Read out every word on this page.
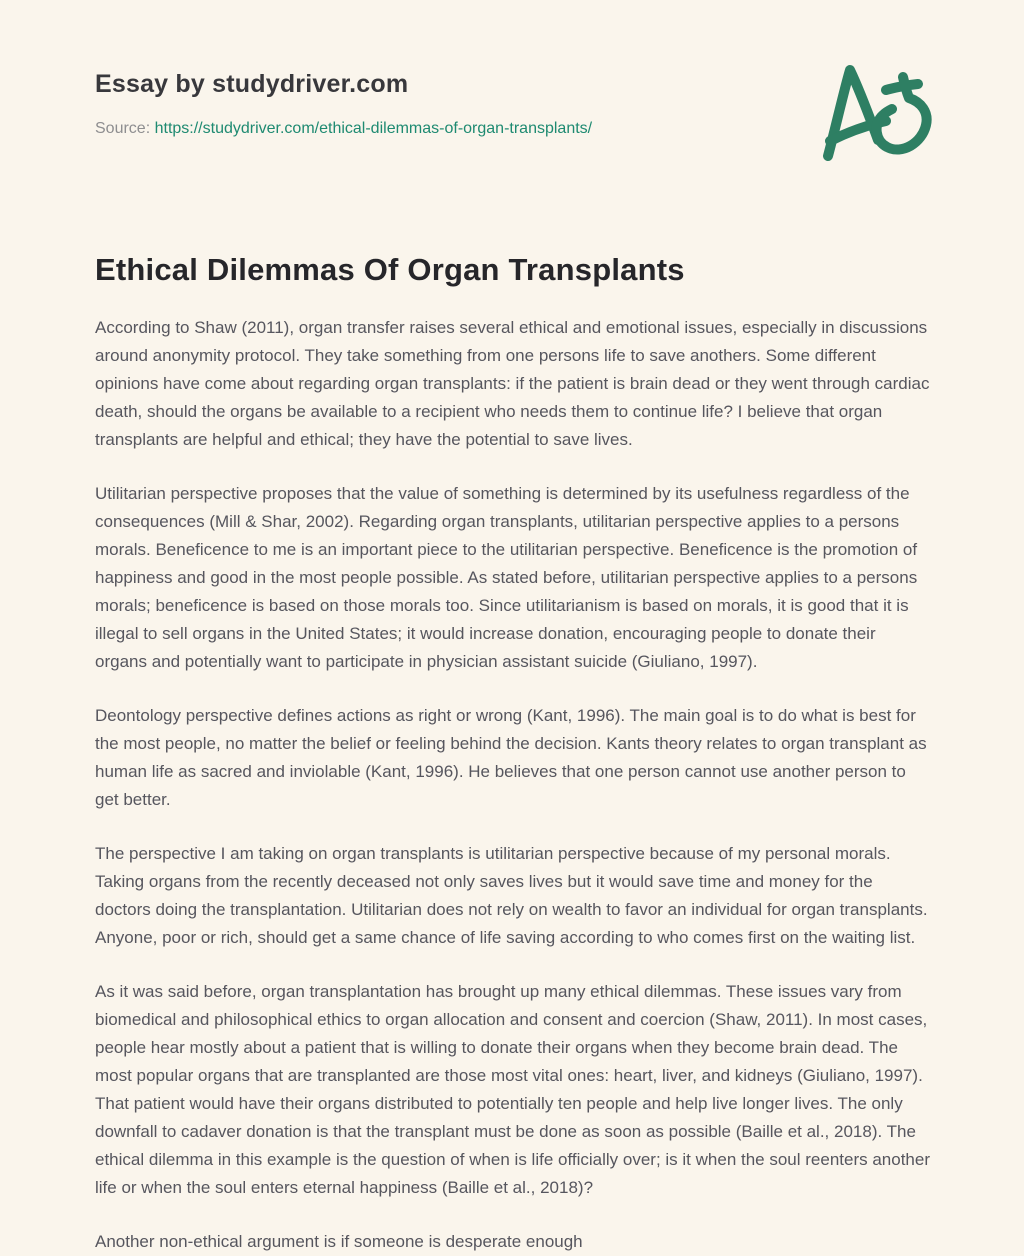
Essay by studydriver.com

Source: https://studydriver.com/ethical-dilemmas-of-organ-transplants/

Ethical Dilemmas Of Organ Transplants

According to Shaw (2011), organ transfer raises several ethical and emotional issues, especially in discussions around anonymity protocol. They take something from one persons life to save anothers. Some different opinions have come about regarding organ transplants: if the patient is brain dead or they went through cardiac death, should the organs be available to a recipient who needs them to continue life? I believe that organ transplants are helpful and ethical; they have the potential to save lives.

Utilitarian perspective proposes that the value of something is determined by its usefulness regardless of the consequences (Mill & Shar, 2002). Regarding organ transplants, utilitarian perspective applies to a persons morals. Beneficence to me is an important piece to the utilitarian perspective. Beneficence is the promotion of happiness and good in the most people possible. As stated before, utilitarian perspective applies to a persons morals; beneficence is based on those morals too. Since utilitarianism is based on morals, it is good that it is illegal to sell organs in the United States; it would increase donation, encouraging people to donate their organs and potentially want to participate in physician assistant suicide (Giuliano, 1997).

Deontology perspective defines actions as right or wrong (Kant, 1996). The main goal is to do what is best for the most people, no matter the belief or feeling behind the decision. Kants theory relates to organ transplant as human life as sacred and inviolable (Kant, 1996). He believes that one person cannot use another person to get better.

The perspective I am taking on organ transplants is utilitarian perspective because of my personal morals. Taking organs from the recently deceased not only saves lives but it would save time and money for the doctors doing the transplantation. Utilitarian does not rely on wealth to favor an individual for organ transplants. Anyone, poor or rich, should get a same chance of life saving according to who comes first on the waiting list.

As it was said before, organ transplantation has brought up many ethical dilemmas. These issues vary from biomedical and philosophical ethics to organ allocation and consent and coercion (Shaw, 2011). In most cases, people hear mostly about a patient that is willing to donate their organs when they become brain dead. The most popular organs that are transplanted are those most vital ones: heart, liver, and kidneys (Giuliano, 1997). That patient would have their organs distributed to potentially ten people and help live longer lives. The only downfall to cadaver donation is that the transplant must be done as soon as possible (Baille et al., 2018). The ethical dilemma in this example is the question of when is life officially over; is it when the soul reenters another life or when the soul enters eternal happiness (Baille et al., 2018)?

Another non-ethical argument is if someone is desperate enough
